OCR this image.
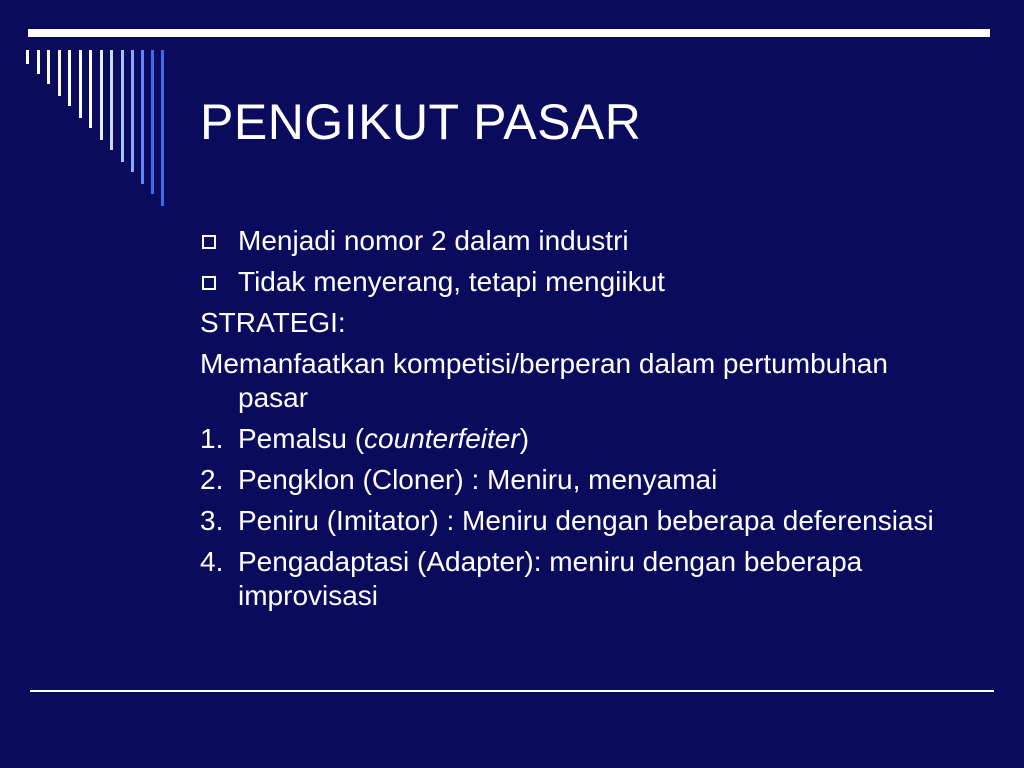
PENGIKUT PASAR
Menjadi nomor 2 dalam industri
Tidak menyerang, tetapi mengiikut
STRATEGI:
Memanfaatkan kompetisi/berperan dalam pertumbuhan pasar
1. Pemalsu (counterfeiter)
2. Pengklon (Cloner) : Meniru, menyamai
3. Peniru (Imitator) : Meniru dengan beberapa deferensiasi
4. Pengadaptasi (Adapter): meniru dengan beberapa improvisasi
